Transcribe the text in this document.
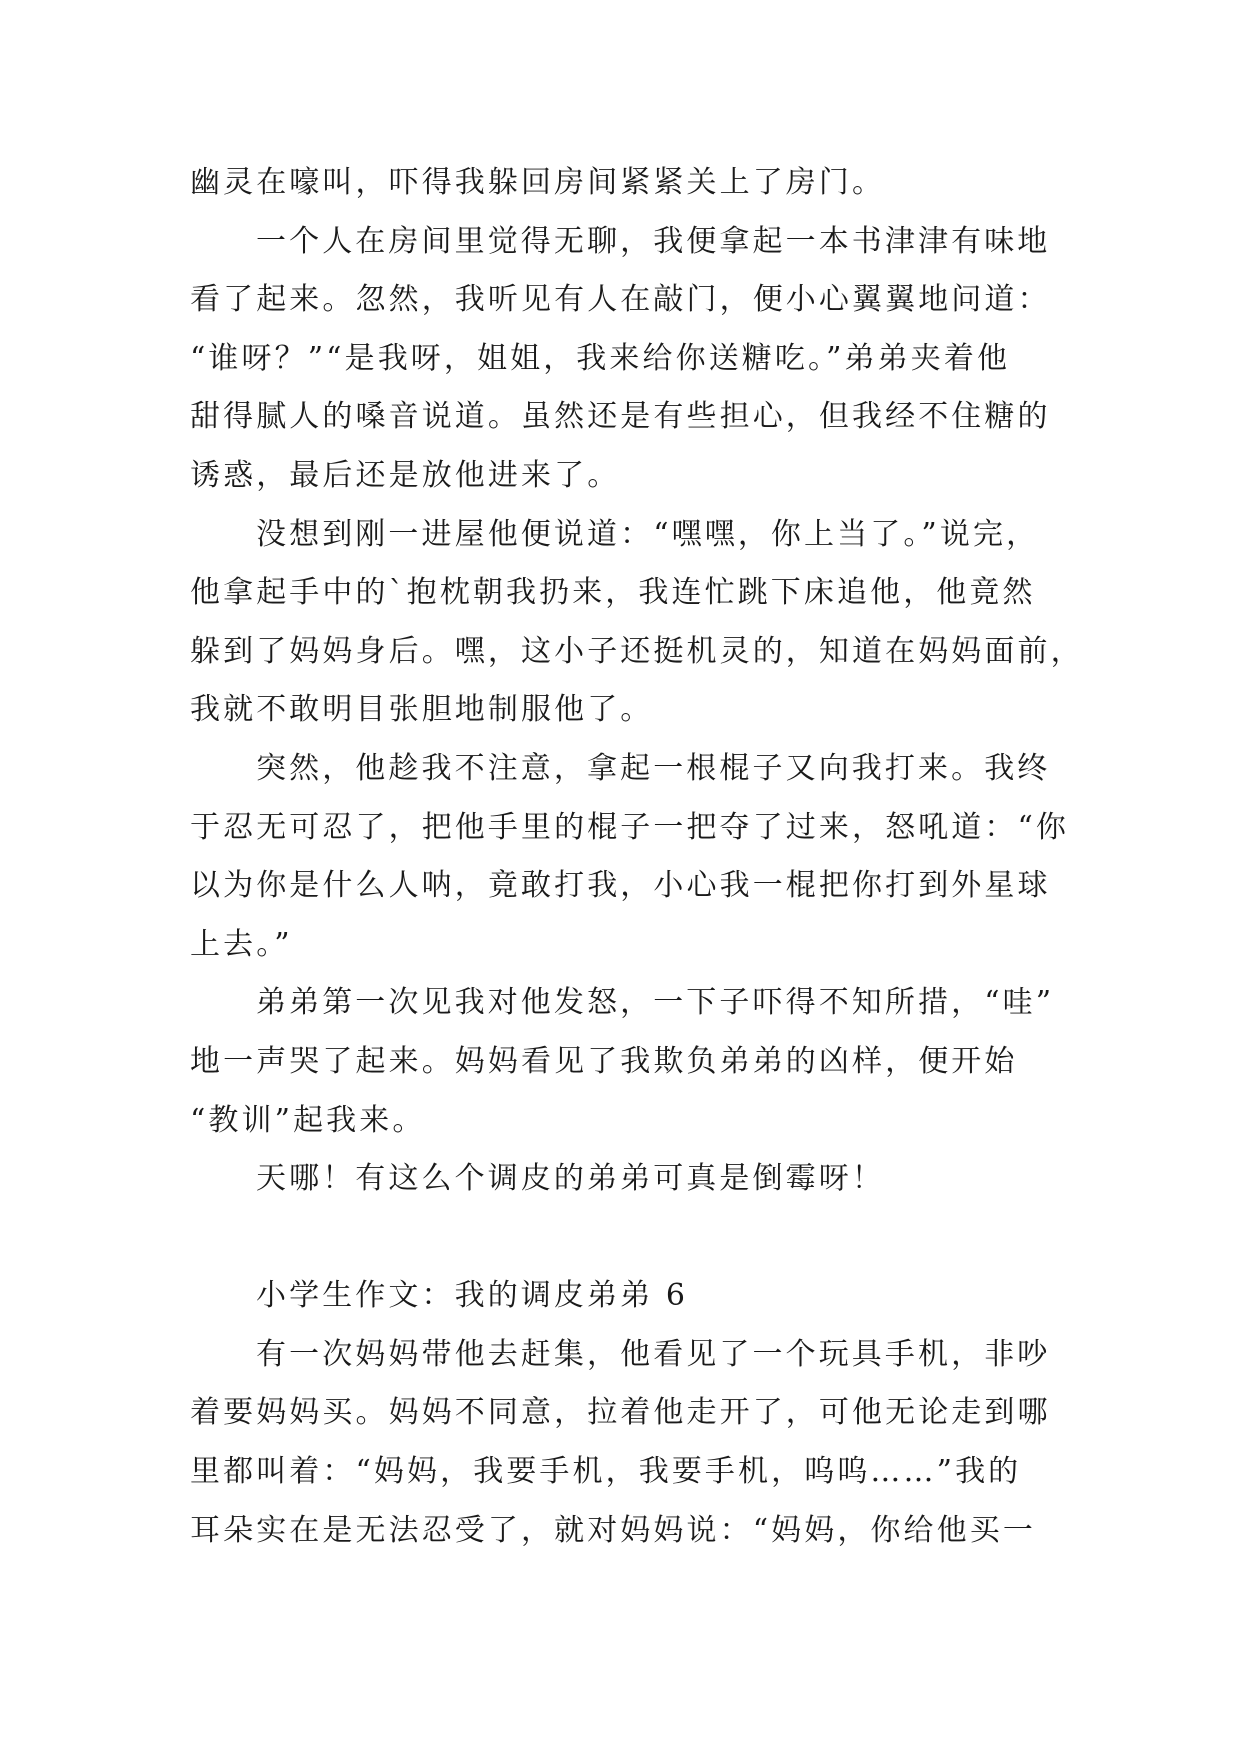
幽灵在嚎叫，吓得我躲回房间紧紧关上了房门。
一个人在房间里觉得无聊，我便拿起一本书津津有味地
看了起来。忽然，我听见有人在敲门，便小心翼翼地问道：
“谁呀？”“是我呀，姐姐，我来给你送糖吃。”弟弟夹着他
甜得腻人的嗓音说道。虽然还是有些担心，但我经不住糖的
诱惑，最后还是放他进来了。
没想到刚一进屋他便说道：“嘿嘿，你上当了。”说完，
他拿起手中的`抱枕朝我扔来，我连忙跳下床追他，他竟然
躲到了妈妈身后。嘿，这小子还挺机灵的，知道在妈妈面前，
我就不敢明目张胆地制服他了。
突然，他趁我不注意，拿起一根棍子又向我打来。我终
于忍无可忍了，把他手里的棍子一把夺了过来，怒吼道：“你
以为你是什么人呐，竟敢打我，小心我一棍把你打到外星球
上去。”
弟弟第一次见我对他发怒，一下子吓得不知所措，“哇”
地一声哭了起来。妈妈看见了我欺负弟弟的凶样，便开始
“教训”起我来。
天哪！有这么个调皮的弟弟可真是倒霉呀！
小学生作文：我的调皮弟弟 6
有一次妈妈带他去赶集，他看见了一个玩具手机，非吵
着要妈妈买。妈妈不同意，拉着他走开了，可他无论走到哪
里都叫着：“妈妈，我要手机，我要手机，呜呜……”我的
耳朵实在是无法忍受了，就对妈妈说：“妈妈，你给他买一
